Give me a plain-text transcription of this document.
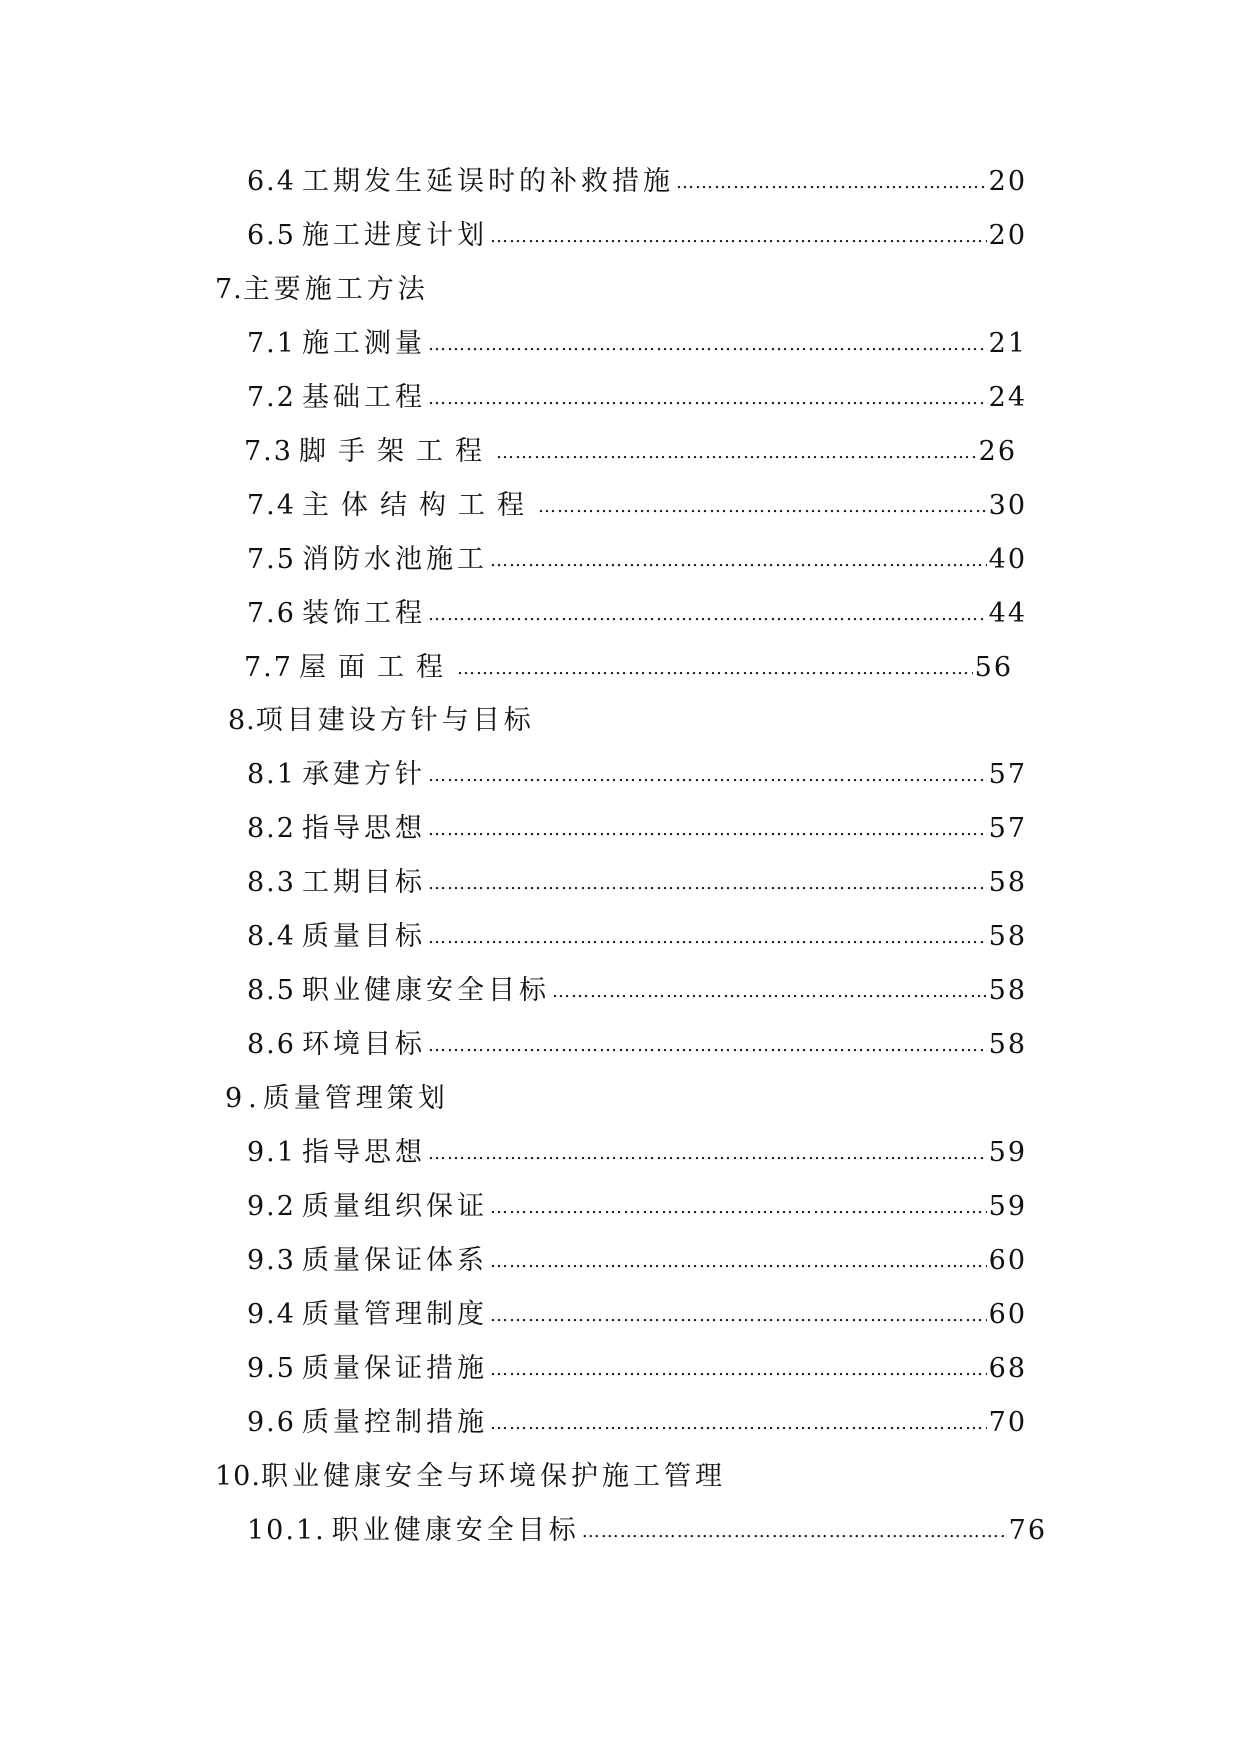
6.4 工期发生延误时的补救措施 …………………………………………………………………………………………………………………………………………………………	20
6.5 施工进度计划 …………………………………………………………………………………………………………………………………………………………	20
7.主要施工方法
7.1 施工测量 …………………………………………………………………………………………………………………………………………………………	21
7.2 基础工程 …………………………………………………………………………………………………………………………………………………………	24
7.3 脚手架工程 …………………………………………………………………………………………………………………………………………………………	26
7.4 主体结构工程 …………………………………………………………………………………………………………………………………………………………	30
7.5 消防水池施工 …………………………………………………………………………………………………………………………………………………………	40
7.6 装饰工程 …………………………………………………………………………………………………………………………………………………………	44
7.7 屋面工程 …………………………………………………………………………………………………………………………………………………………	56
8.项目建设方针与目标
8.1 承建方针 …………………………………………………………………………………………………………………………………………………………	57
8.2 指导思想 …………………………………………………………………………………………………………………………………………………………	57
8.3 工期目标 …………………………………………………………………………………………………………………………………………………………	58
8.4 质量目标 …………………………………………………………………………………………………………………………………………………………	58
8.5 职业健康安全目标 …………………………………………………………………………………………………………………………………………………………	58
8.6 环境目标 …………………………………………………………………………………………………………………………………………………………	58
9.质量管理策划
9.1 指导思想 …………………………………………………………………………………………………………………………………………………………	59
9.2 质量组织保证 …………………………………………………………………………………………………………………………………………………………	59
9.3 质量保证体系 …………………………………………………………………………………………………………………………………………………………	60
9.4 质量管理制度 …………………………………………………………………………………………………………………………………………………………	60
9.5 质量保证措施 …………………………………………………………………………………………………………………………………………………………	68
9.6 质量控制措施 …………………………………………………………………………………………………………………………………………………………	70
10.职业健康安全与环境保护施工管理
10.1. 职业健康安全目标 …………………………………………………………………………………………………………………………………………………………	76
